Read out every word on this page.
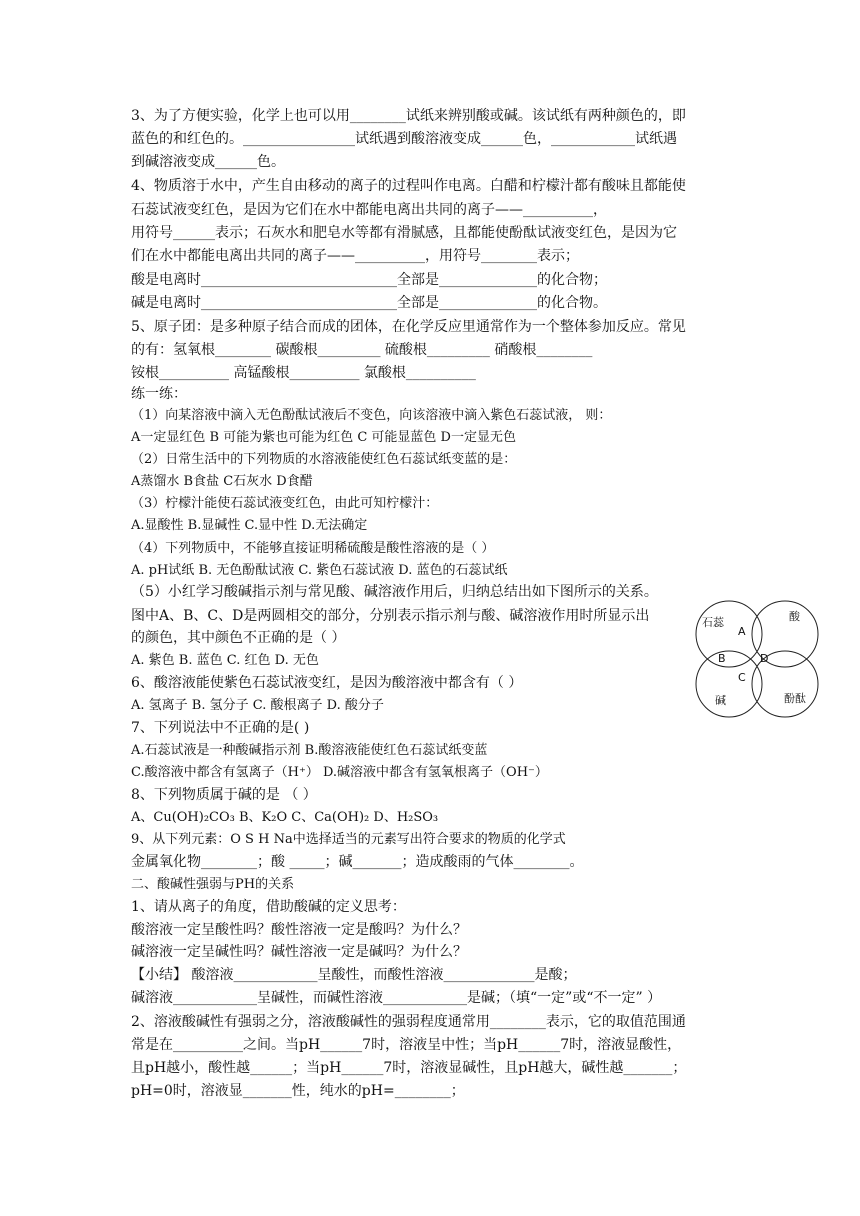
3、为了方便实验，化学上也可以用________试纸来辨别酸或碱。该试纸有两种颜色的，即
蓝色的和红色的。________________试纸遇到酸溶液变成______色，____________试纸遇
到碱溶液变成______色。
4、物质溶于水中，产生自由移动的离子的过程叫作电离。白醋和柠檬汁都有酸味且都能使
石蕊试液变红色，是因为它们在水中都能电离出共同的离子——__________，
用符号______表示；石灰水和肥皂水等都有滑腻感，且都能使酚酞试液变红色，是因为它
们在水中都能电离出共同的离子——__________，用符号________表示；
酸是电离时____________________________全部是______________的化合物；
碱是电离时____________________________全部是______________的化合物。
5、原子团：是多种原子结合而成的团体，在化学反应里通常作为一个整体参加反应。常见
的有：氢氧根________ 碳酸根_________ 硫酸根_________ 硝酸根________
铵根__________ 高锰酸根__________ 氯酸根__________
练一练：
（1）向某溶液中滴入无色酚酞试液后不变色，向该溶液中滴入紫色石蕊试液， 则：
A一定显红色 B 可能为紫也可能为红色 C 可能显蓝色 D一定显无色
（2）日常生活中的下列物质的水溶液能使红色石蕊试纸变蓝的是：
A蒸馏水 B食盐 C石灰水 D食醋
（3）柠檬汁能使石蕊试液变红色，由此可知柠檬汁：
A.显酸性 B.显碱性 C.显中性 D.无法确定
（4）下列物质中，不能够直接证明稀硫酸是酸性溶液的是（ ）
A. pH试纸 B. 无色酚酞试液 C. 紫色石蕊试液 D. 蓝色的石蕊试纸
（5）小红学习酸碱指示剂与常见酸、碱溶液作用后，归纳总结出如下图所示的关系。
图中A、B、C、D是两圆相交的部分，分别表示指示剂与酸、碱溶液作用时所显示出
的颜色，其中颜色不正确的是（ ）
A. 紫色 B. 蓝色 C. 红色 D. 无色
6、酸溶液能使紫色石蕊试液变红，是因为酸溶液中都含有（ ）
A. 氢离子 B. 氢分子 C. 酸根离子 D. 酸分子
7、下列说法中不正确的是( )
A.石蕊试液是一种酸碱指示剂 B.酸溶液能使红色石蕊试纸变蓝
C.酸溶液中都含有氢离子（H⁺） D.碱溶液中都含有氢氧根离子（OH⁻）
8、下列物质属于碱的是 （ ）
A、Cu(OH)₂CO₃ B、K₂O C、Ca(OH)₂ D、H₂SO₃
9、从下列元素：O S H Na中选择适当的元素写出符合要求的物质的化学式
金属氧化物________；酸 _____；碱_______；造成酸雨的气体________。
二、酸碱性强弱与PH的关系
1、请从离子的角度，借助酸碱的定义思考：
酸溶液一定呈酸性吗？酸性溶液一定是酸吗？为什么？
碱溶液一定呈碱性吗？碱性溶液一定是碱吗？为什么？
【小结】 酸溶液____________呈酸性，而酸性溶液_____________是酸；
碱溶液____________呈碱性，而碱性溶液____________是碱；（填“一定”或“不一定” ）
2、溶液酸碱性有强弱之分，溶液酸碱性的强弱程度通常用________表示，它的取值范围通
常是在__________之间。当pH______7时，溶液呈中性；当pH______7时，溶液显酸性，
且pH越小，酸性越______；当pH______7时，溶液显碱性，且pH越大，碱性越_______；
pH=0时，溶液显_______性，纯水的pH=________；
石蕊	酸
碱	酚酞
A
B
C
D
